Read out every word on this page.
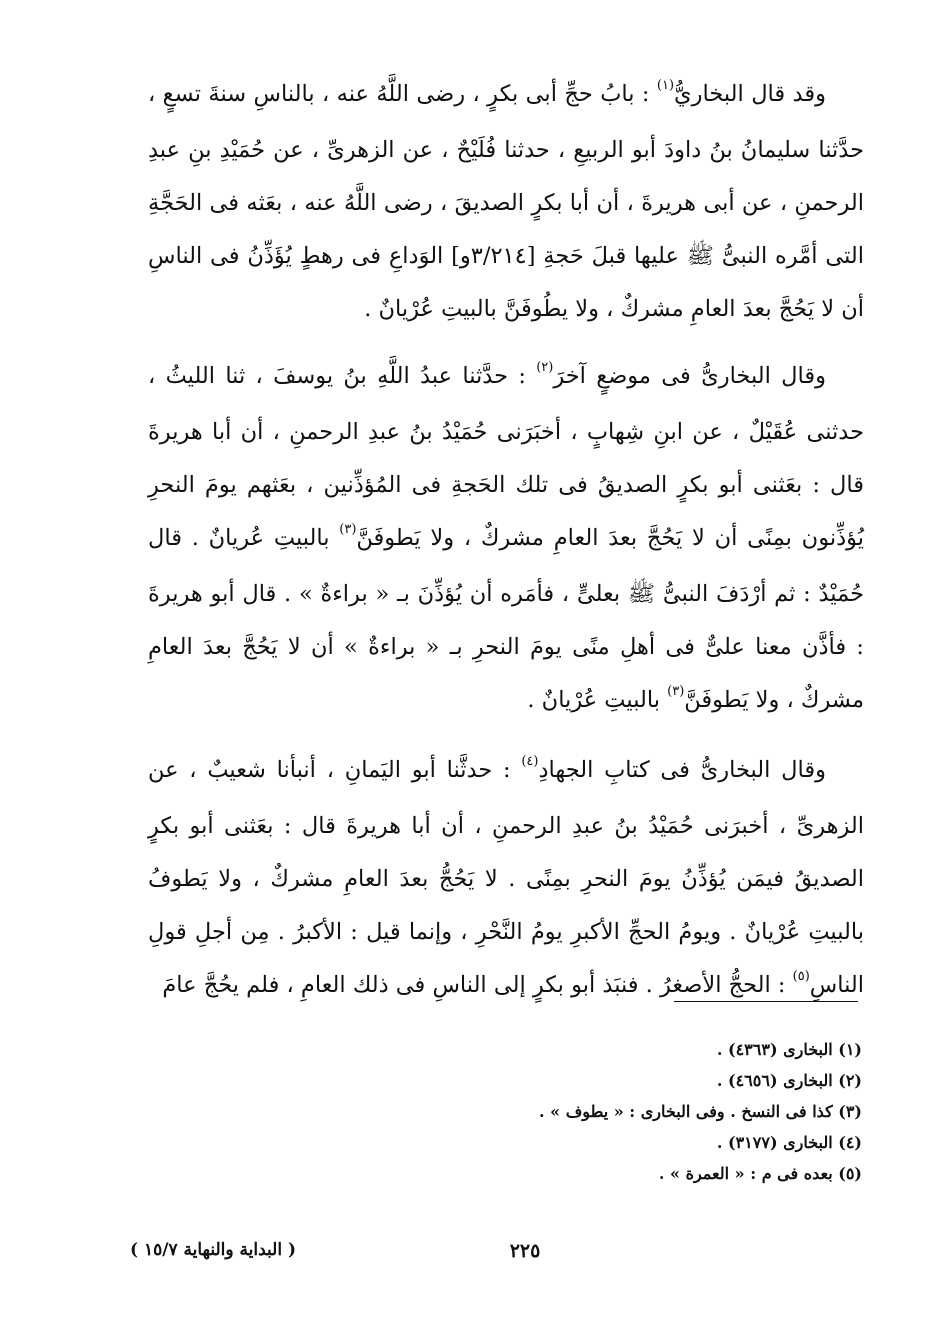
وقد قال البخاريُّ$^{(١)}$ : بابُ حجِّ أبى بكرٍ ، رضى اللَّهُ عنه ، بالناسِ سنةَ تسعٍ ، حدَّثنا سليمانُ بنُ داودَ أبو الربيعِ ، حدثنا فُلَيْحٌ ، عن الزهرىِّ ، عن حُمَيْدِ بنِ عبدِ الرحمنِ ، عن أبى هريرةَ ، أن أبا بكرٍ الصديقَ ، رضى اللَّهُ عنه ، بعَثه فى الحَجَّةِ التى أمَّره النبىُّ ﷺ عليها قبلَ حَجةِ [٣/٢١٤و] الوَداعِ فى رهطٍ يُؤَذِّنُ فى الناسِ أن لا يَحُجَّ بعدَ العامِ مشركٌ ، ولا يطُوفَنَّ بالبيتِ عُرْيانٌ .

وقال البخارىُّ فى موضعٍ آخرَ$^{(٢)}$ : حدَّثنا عبدُ اللَّهِ بنُ يوسفَ ، ثنا الليثُ ، حدثنى عُقَيْلٌ ، عن ابنِ شِهابٍ ، أخبَرَنى حُمَيْدُ بنُ عبدِ الرحمنِ ، أن أبا هريرةَ قال : بعَثنى أبو بكرٍ الصديقُ فى تلك الحَجةِ فى المُؤذِّنين ، بعَثهم يومَ النحرِ يُؤذِّنون بمِنًى أن لا يَحُجَّ بعدَ العامِ مشركٌ ، ولا يَطوفَنَّ$^{(٣)}$ بالبيتِ عُريانٌ . قال حُمَيْدٌ : ثم أرْدَفَ النبىُّ ﷺ بعلىٍّ ، فأمَره أن يُؤذِّنَ بـ « براءةٌ » . قال أبو هريرةَ : فأذَّن معنا علىٌّ فى أهلِ منًى يومَ النحرِ بـ « براءةٌ » أن لا يَحُجَّ بعدَ العامِ مشركٌ ، ولا يَطوفَنَّ$^{(٣)}$ بالبيتِ عُرْيانٌ .

وقال البخارىُّ فى كتابِ الجهادِ$^{(٤)}$ : حدثَّنا أبو اليَمانِ ، أنبأنا شعيبٌ ، عن الزهرىِّ ، أخبرَنى حُمَيْدُ بنُ عبدِ الرحمنِ ، أن أبا هريرةَ قال : بعَثنى أبو بكرٍ الصديقُ فيمَن يُؤذِّنُ يومَ النحرِ بمِنًى . لا يَحُجُّ بعدَ العامِ مشركٌ ، ولا يَطوفُ بالبيتِ عُرْيانٌ . ويومُ الحجِّ الأكبرِ يومُ النَّحْرِ ، وإنما قيل : الأكبرُ . مِن أجلِ قولِ الناسِ$^{(٥)}$ : الحجُّ الأصغرُ . فنبَذ أبو بكرٍ إلى الناسِ فى ذلك العامِ ، فلم يحُجَّ عامَ

(١) البخارى (٤٣٦٣) .
(٢) البخارى (٤٦٥٦) .
(٣) كذا فى النسخ . وفى البخارى : « يطوف » .
(٤) البخارى (٣١٧٧) .
(٥) بعده فى م : « العمرة » .
٢٢٥
( البداية والنهاية ١٥/٧ )
